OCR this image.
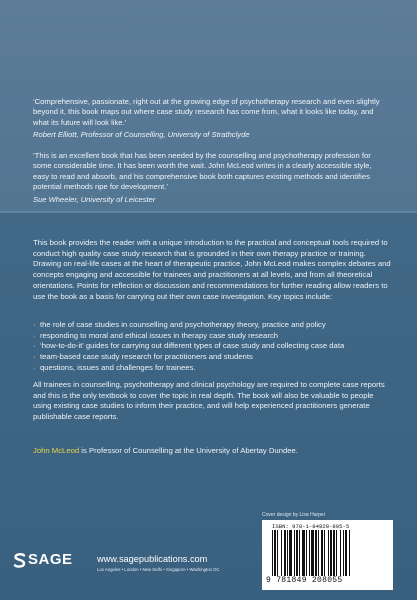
‘Comprehensive, passionate, right out at the growing edge of psychotherapy research and even slightly beyond it, this book maps out where case study research has come from, what it looks like today, and what its future will look like.’
Robert Elliott, Professor of Counselling, University of Strathclyde
‘This is an excellent book that has been needed by the counselling and psychotherapy profession for some considerable time. It has been worth the wait. John McLeod writes in a clearly accessible style, easy to read and absorb, and his comprehensive book both captures existing methods and identifies potential methods ripe for development.’
Sue Wheeler, University of Leicester
This book provides the reader with a unique introduction to the practical and conceptual tools required to conduct high quality case study research that is grounded in their own therapy practice or training. Drawing on real-life cases at the heart of therapeutic practice, John McLeod makes complex debates and concepts engaging and accessible for trainees and practitioners at all levels, and from all theoretical orientations. Points for reflection or discussion and recommendations for further reading allow readers to use the book as a basis for carrying out their own case investigation. Key topics include:
· the role of case studies in counselling and psychotherapy theory, practice and policy
· responding to moral and ethical issues in therapy case study research
· ‘how-to-do-it’ guides for carrying out different types of case study and collecting case data
· team-based case study research for practitioners and students
· questions, issues and challenges for trainees.
All trainees in counselling, psychotherapy and clinical psychology are required to complete case reports and this is the only textbook to cover the topic in real depth. The book will also be valuable to people using existing case studies to inform their practice, and will help experienced practitioners generate publishable case reports.
John McLeod is Professor of Counselling at the University of Abertay Dundee.
SAGE	www.sagepublications.com
Los Angeles • London • New Delhi • Singapore • Washington DC
Cover design by Lisa Harper
ISBN: 978-1-84920-805-5
9 781849 208055
